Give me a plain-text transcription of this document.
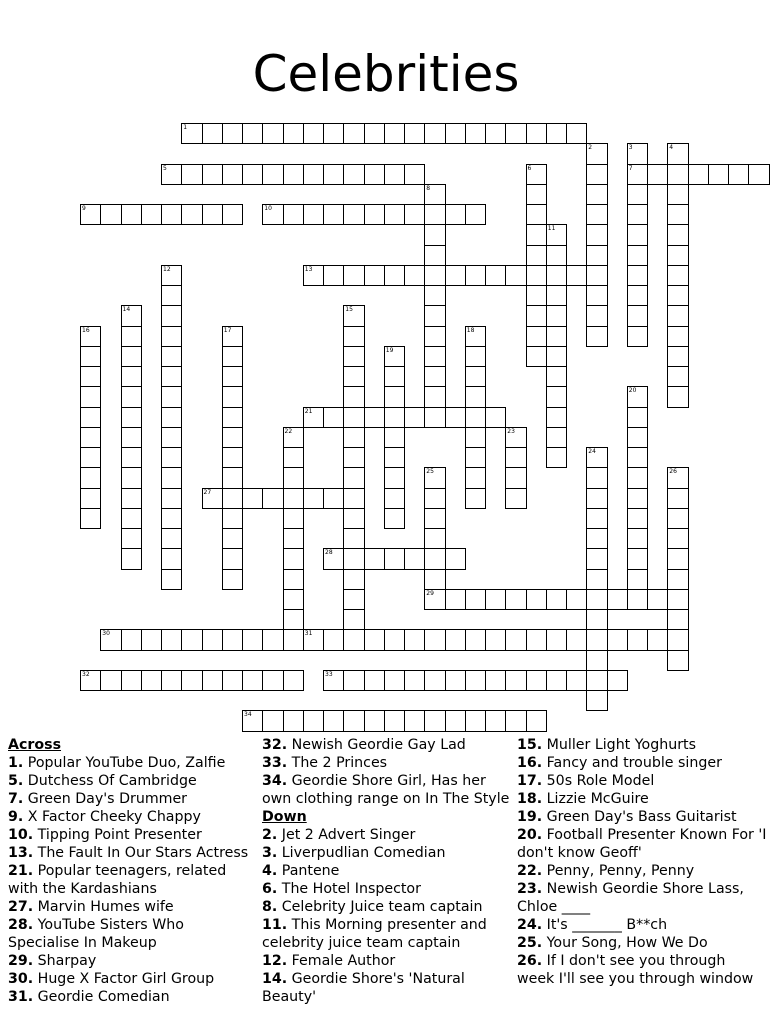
Celebrities
1
5	7
9	10
13
21
27
28
29
30	31
32	33
34
2	3	4
6
8
11
12
14	15
16	17	18
19
20
22	23
24
25	26

Across

1. Popular YouTube Duo, Zalfie

5. Dutchess Of Cambridge

7. Green Day's Drummer

9. X Factor Cheeky Chappy

10. Tipping Point Presenter

13. The Fault In Our Stars Actress

21. Popular teenagers, related with the Kardashians

27. Marvin Humes wife

28. YouTube Sisters Who Specialise In Makeup

29. Sharpay

30. Huge X Factor Girl Group

31. Geordie Comedian

32. Newish Geordie Gay Lad

33. The 2 Princes

34. Geordie Shore Girl, Has her own clothing range on In The Style

Down

2. Jet 2 Advert Singer

3. Liverpudlian Comedian

4. Pantene

6. The Hotel Inspector

8. Celebrity Juice team captain

11. This Morning presenter and celebrity juice team captain

12. Female Author

14. Geordie Shore's 'Natural Beauty'

15. Muller Light Yoghurts

16. Fancy and trouble singer

17. 50s Role Model

18. Lizzie McGuire

19. Green Day's Bass Guitarist

20. Football Presenter Known For 'I don't know Geoff'

22. Penny, Penny, Penny

23. Newish Geordie Shore Lass, Chloe ____

24. It's _______ B**ch

25. Your Song, How We Do

26. If I don't see you through week I'll see you through window
